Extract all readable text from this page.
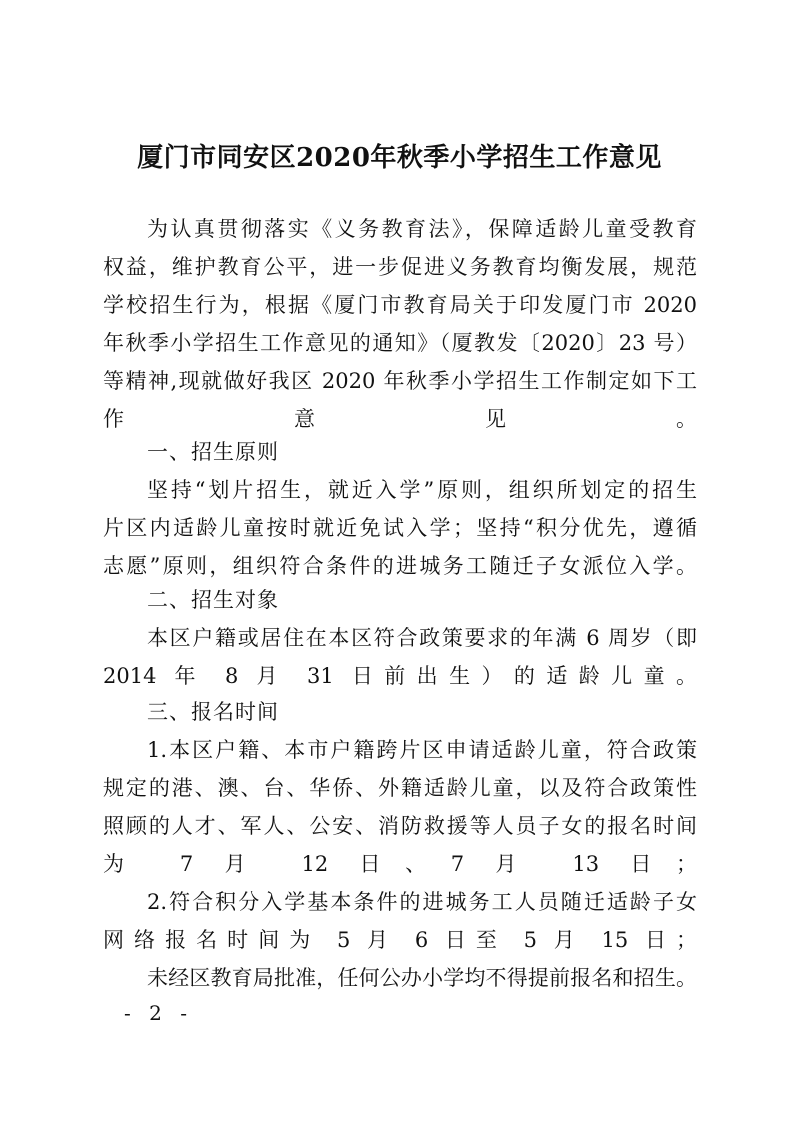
厦门市同安区2020年秋季小学招生工作意见
为认真贯彻落实《义务教育法》，保障适龄儿童受教育
权益，维护教育公平，进一步促进义务教育均衡发展，规范
学校招生行为，根据《厦门市教育局关于印发厦门市 2020
年秋季小学招生工作意见的通知》（厦教发〔2020〕23 号）
等精神,现就做好我区 2020 年秋季小学招生工作制定如下工
作意见。
一、招生原则
坚持“划片招生，就近入学”原则，组织所划定的招生
片区内适龄儿童按时就近免试入学；坚持“积分优先，遵循
志愿”原则，组织符合条件的进城务工随迁子女派位入学。
二、招生对象
本区户籍或居住在本区符合政策要求的年满 6 周岁（即
2014 年 8 月 31 日前出生）的适龄儿童。
三、报名时间
1.本区户籍、本市户籍跨片区申请适龄儿童，符合政策
规定的港、澳、台、华侨、外籍适龄儿童，以及符合政策性
照顾的人才、军人、公安、消防救援等人员子女的报名时间
为 7 月 12 日、7 月 13 日；
2.符合积分入学基本条件的进城务工人员随迁适龄子女
网络报名时间为 5 月 6 日至 5 月 15 日；
未经区教育局批准，任何公办小学均不得提前报名和招生。
- 2 -
